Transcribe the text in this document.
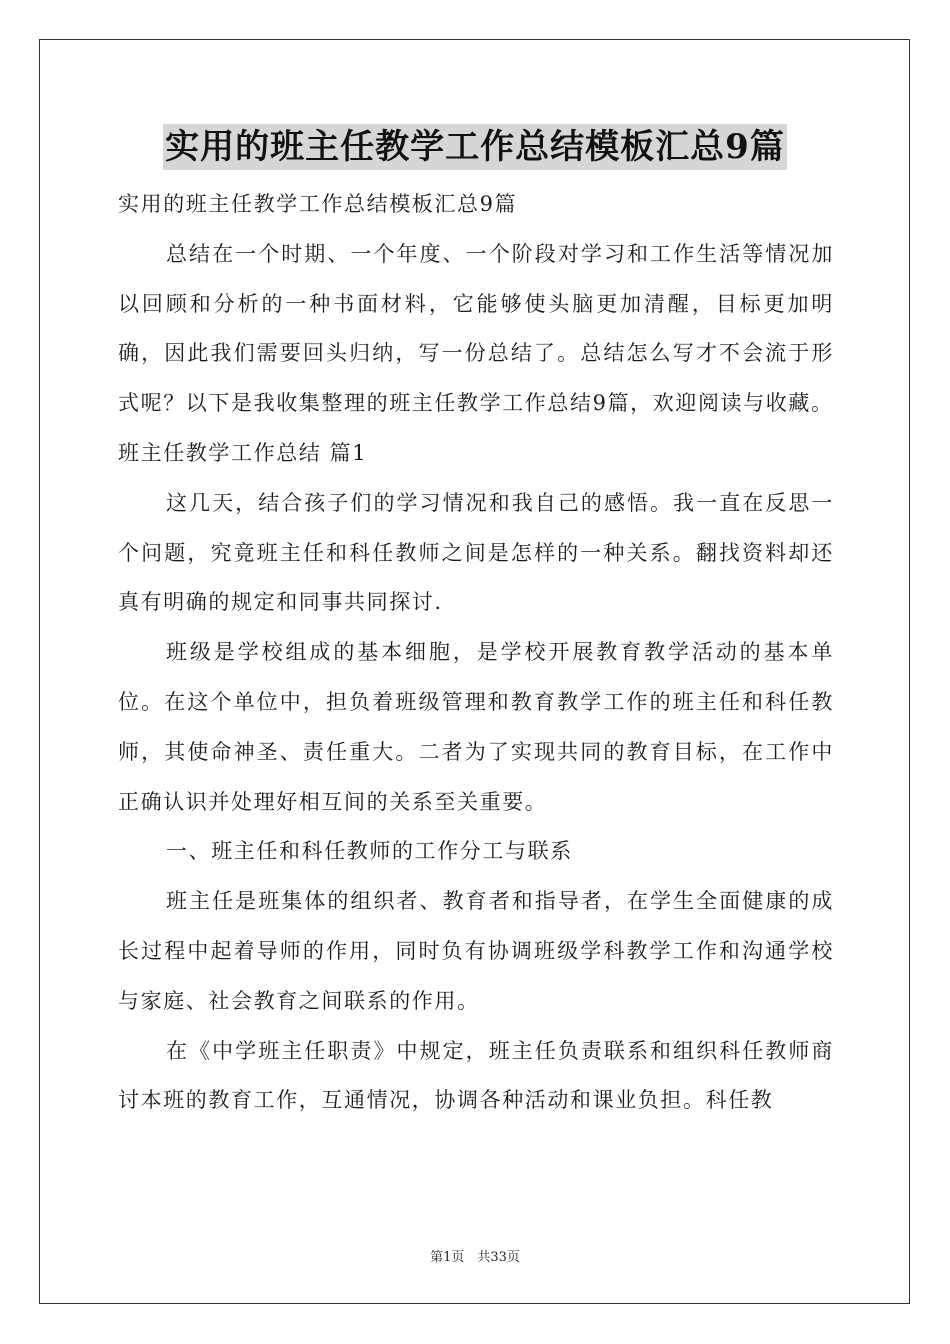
实用的班主任教学工作总结模板汇总9篇

实用的班主任教学工作总结模板汇总9篇

总结在一个时期、一个年度、一个阶段对学习和工作生活等情况加以回顾和分析的一种书面材料，它能够使头脑更加清醒，目标更加明确，因此我们需要回头归纳，写一份总结了。总结怎么写才不会流于形式呢？以下是我收集整理的班主任教学工作总结9篇，欢迎阅读与收藏。

班主任教学工作总结 篇1

这几天，结合孩子们的学习情况和我自己的感悟。我一直在反思一个问题，究竟班主任和科任教师之间是怎样的一种关系。翻找资料却还真有明确的规定和同事共同探讨.

班级是学校组成的基本细胞，是学校开展教育教学活动的基本单位。在这个单位中，担负着班级管理和教育教学工作的班主任和科任教师，其使命神圣、责任重大。二者为了实现共同的教育目标，在工作中正确认识并处理好相互间的关系至关重要。

一、班主任和科任教师的工作分工与联系

班主任是班集体的组织者、教育者和指导者，在学生全面健康的成长过程中起着导师的作用，同时负有协调班级学科教学工作和沟通学校与家庭、社会教育之间联系的作用。

在《中学班主任职责》中规定，班主任负责联系和组织科任教师商讨本班的教育工作，互通情况，协调各种活动和课业负担。科任教

第1页　共33页
